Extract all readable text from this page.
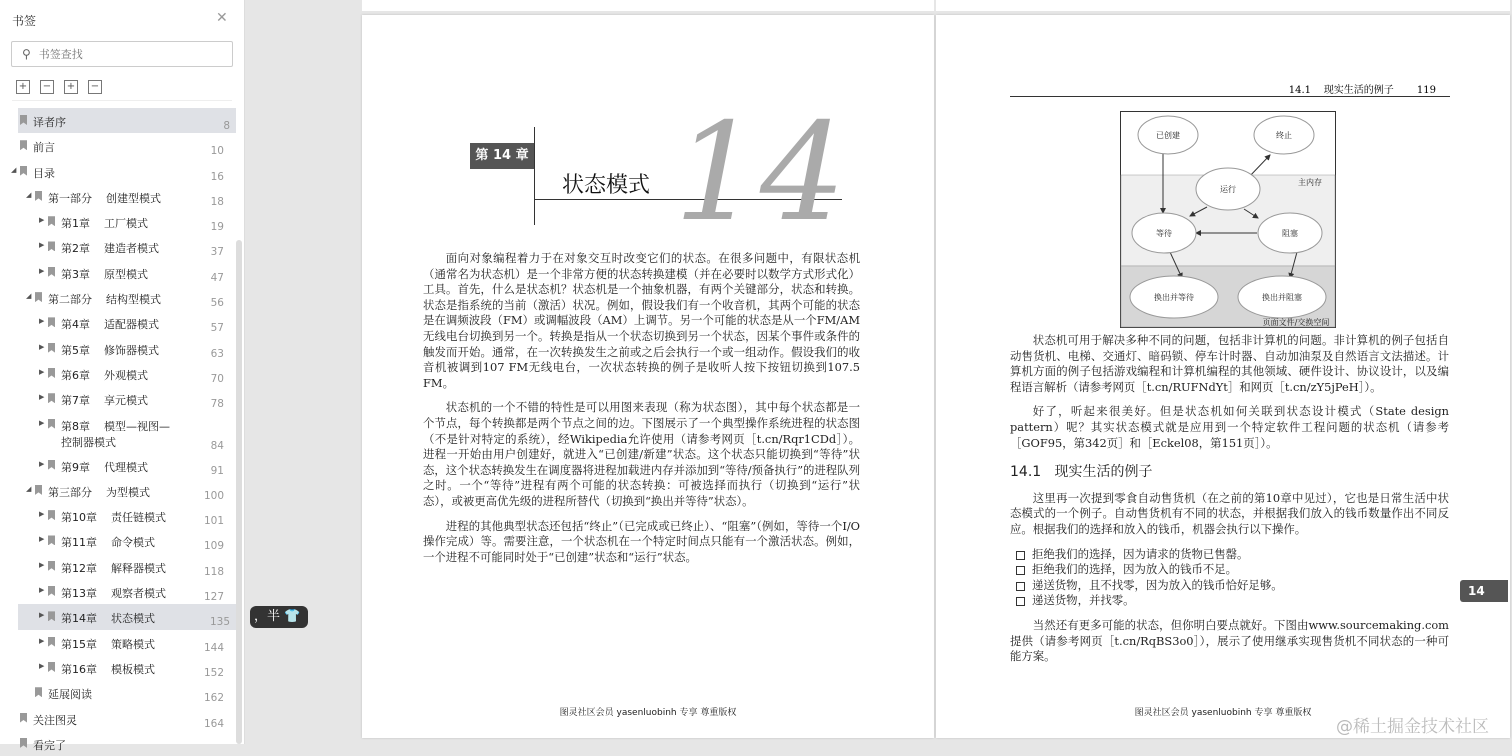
书签	✕
⚲
书签查找
+ − + −
译者序	8
前言	10
◢ 目录	16
◢ 第一部分    创建型模式	18
▶ 第1章    工厂模式	19
▶ 第2章    建造者模式	37
▶ 第3章    原型模式	47
◢ 第二部分    结构型模式	56
▶ 第4章    适配器模式	57
▶ 第5章    修饰器模式	63
▶ 第6章    外观模式	70
▶ 第7章    享元模式	78
▶ 第8章    模型—视图—
控制器模式	84
▶ 第9章    代理模式	91
◢ 第三部分    为型模式	100
▶ 第10章    责任链模式	101
▶ 第11章    命令模式	109
▶ 第12章    解释器模式	118
▶ 第13章    观察者模式	127
▶ 第14章    状态模式	135
▶ 第15章    策略模式	144
▶ 第16章    模板模式	152
延展阅读	162
关注图灵	164
看完了
，半 👕
14
第 14 章
状态模式

面向对象编程着力于在对象交互时改变它们的状态。在很多问题中，有限状态机（通常名为状态机）是一个非常方便的状态转换建模（并在必要时以数学方式形式化）工具。首先，什么是状态机？状态机是一个抽象机器，有两个关键部分，状态和转换。状态是指系统的当前（激活）状况。例如，假设我们有一个收音机，其两个可能的状态是在调频波段（FM）或调幅波段（AM）上调节。另一个可能的状态是从一个FM/AM无线电台切换到另一个。转换是指从一个状态切换到另一个状态，因某个事件或条件的触发而开始。通常，在一次转换发生之前或之后会执行一个或一组动作。假设我们的收音机被调到107 FM无线电台，一次状态转换的例子是收听人按下按钮切换到107.5 FM。

状态机的一个不错的特性是可以用图来表现（称为状态图），其中每个状态都是一个节点，每个转换都是两个节点之间的边。下图展示了一个典型操作系统进程的状态图（不是针对特定的系统），经Wikipedia允许使用（请参考网页［t.cn/Rqr1CDd］）。进程一开始由用户创建好，就进入“已创建/新建”状态。这个状态只能切换到“等待”状态，这个状态转换发生在调度器将进程加载进内存并添加到“等待/预备执行”的进程队列之时。一个“等待”进程有两个可能的状态转换：可被选择而执行（切换到“运行”状态），或被更高优先级的进程所替代（切换到“换出并等待”状态）。

进程的其他典型状态还包括“终止”（已完成或已终止）、“阻塞”（例如，等待一个I/O操作完成）等。需要注意，一个状态机在一个特定时间点只能有一个激活状态。例如，一个进程不可能同时处于“已创建”状态和“运行”状态。

图灵社区会员 yasenluobinh 专享 尊重版权
14.1    现实生活的例子 119
已创建	终止
运行
等待	阻塞
换出并等待	换出并阻塞
主内存
页面文件/交换空间

状态机可用于解决多种不同的问题，包括非计算机的问题。非计算机的例子包括自动售货机、电梯、交通灯、暗码锁、停车计时器、自动加油泵及自然语言文法描述。计算机方面的例子包括游戏编程和计算机编程的其他领域、硬件设计、协议设计，以及编程语言解析（请参考网页［t.cn/RUFNdYt］和网页［t.cn/zY5jPeH］）。

好了，听起来很美好。但是状态机如何关联到状态设计模式（State design pattern）呢？其实状态模式就是应用到一个特定软件工程问题的状态机（请参考［GOF95，第342页］和［Eckel08，第151页］）。

14.1   现实生活的例子

这里再一次提到零食自动售货机（在之前的第10章中见过），它也是日常生活中状态模式的一个例子。自动售货机有不同的状态，并根据我们放入的钱币数量作出不同反应。根据我们的选择和放入的钱币，机器会执行以下操作。

拒绝我们的选择，因为请求的货物已售罄。
拒绝我们的选择，因为放入的钱币不足。
递送货物，且不找零，因为放入的钱币恰好足够。
递送货物，并找零。

当然还有更多可能的状态，但你明白要点就好。下图由www.sourcemaking.com提供（请参考网页［t.cn/RqBS3o0］），展示了使用继承实现售货机不同状态的一种可能方案。

图灵社区会员 yasenluobinh 专享 尊重版权
14
@稀土掘金技术社区
